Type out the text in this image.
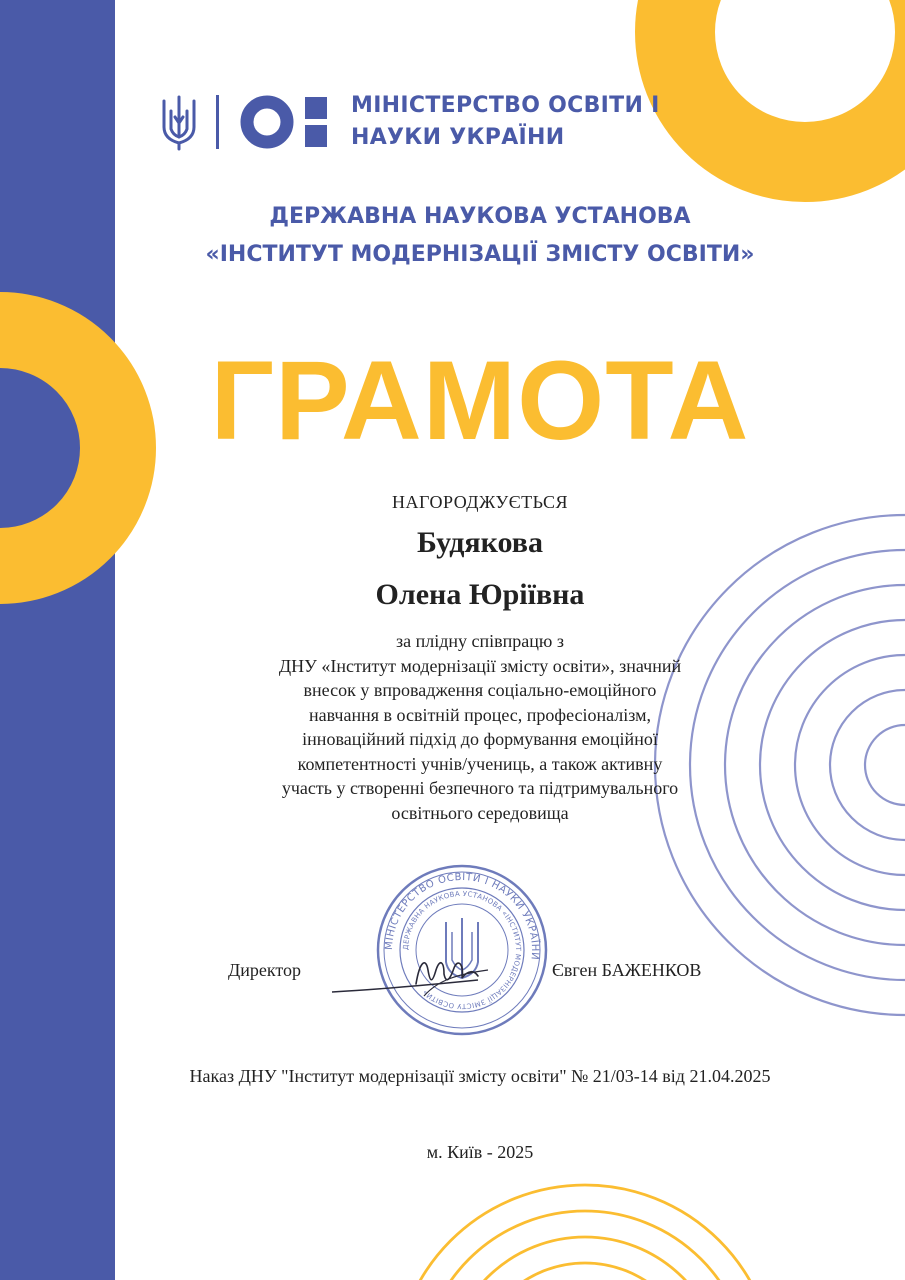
МІНІСТЕРСТВО ОСВІТИ І
НАУКИ УКРАЇНИ
ДЕРЖАВНА НАУКОВА УСТАНОВА
«ІНСТИТУТ МОДЕРНІЗАЦІЇ ЗМІСТУ ОСВІТИ»
ГРАМОТА
НАГОРОДЖУЄТЬСЯ
Будякова
Олена Юріївна
за плідну співпрацю з
ДНУ «Інститут модернізації змісту освіти», значний
внесок у впровадження соціально-емоційного
навчання в освітній процес, професіоналізм,
інноваційний підхід до формування емоційної
компетентності учнів/учениць, а також активну
участь у створенні безпечного та підтримувального
освітнього середовища
МІНІСТЕРСТВО ОСВІТИ І НАУКИ УКРАЇНИ
ДЕРЖАВНА НАУКОВА УСТАНОВА «ІНСТИТУТ МОДЕРНІЗАЦІЇ ЗМІСТУ ОСВІТИ»
Директор	Євген БАЖЕНКОВ
Наказ ДНУ "Інститут модернізації змісту освіти" № 21/03-14 від 21.04.2025
м. Київ - 2025
